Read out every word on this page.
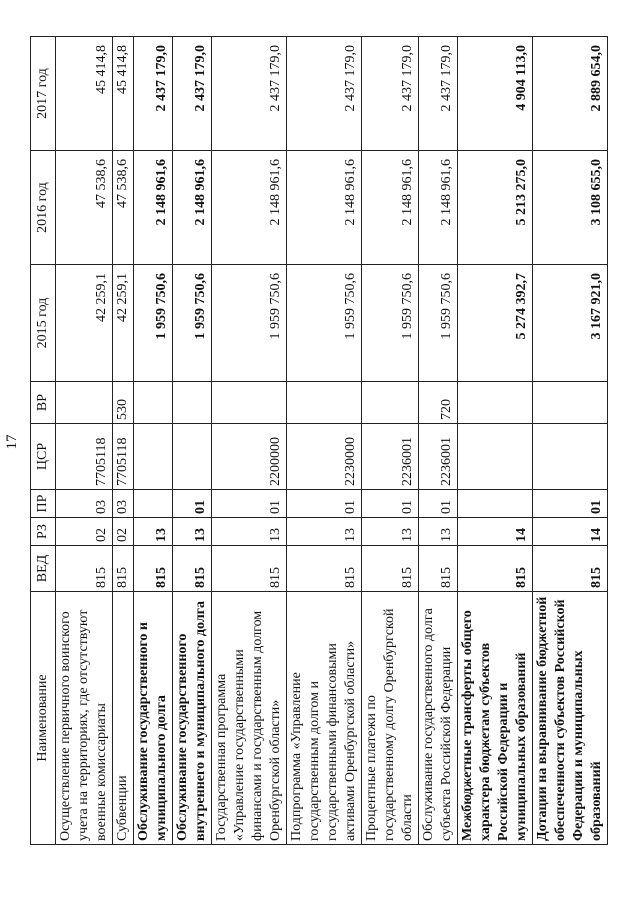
17
Наименование	ВЕД	РЗ	ПР	ЦСР	ВР	2015 год	2016 год	2017 год
Осуществление первичного воинского учета на территориях, где отсутствуют военные комиссариаты	815	02	03	7705118		42 259,1	47 538,6	45 414,8
Субвенции	815	02	03	7705118	530	42 259,1	47 538,6	45 414,8
Обслуживание государственного и муниципального долга	815	13				1 959 750,6	2 148 961,6	2 437 179,0
Обслуживание государственного внутреннего и муниципального долга	815	13	01			1 959 750,6	2 148 961,6	2 437 179,0
Государственная программа «Управление государственными финансами и государственным долгом Оренбургской области»	815	13	01	2200000		1 959 750,6	2 148 961,6	2 437 179,0
Подпрограмма «Управление государственным долгом и государственными финансовыми активами Оренбургской области»	815	13	01	2230000		1 959 750,6	2 148 961,6	2 437 179,0
Процентные платежи по государственному долгу Оренбургской области	815	13	01	2236001		1 959 750,6	2 148 961,6	2 437 179,0
Обслуживание государственного долга субъекта Российской Федерации	815	13	01	2236001	720	1 959 750,6	2 148 961,6	2 437 179,0
Межбюджетные трансферты общего характера бюджетам субъектов Российской Федерации и муниципальных образований	815	14				5 274 392,7	5 213 275,0	4 904 113,0
Дотации на выравнивание бюджетной обеспеченности субъектов Российской Федерации и муниципальных образований	815	14	01			3 167 921,0	3 108 655,0	2 889 654,0
